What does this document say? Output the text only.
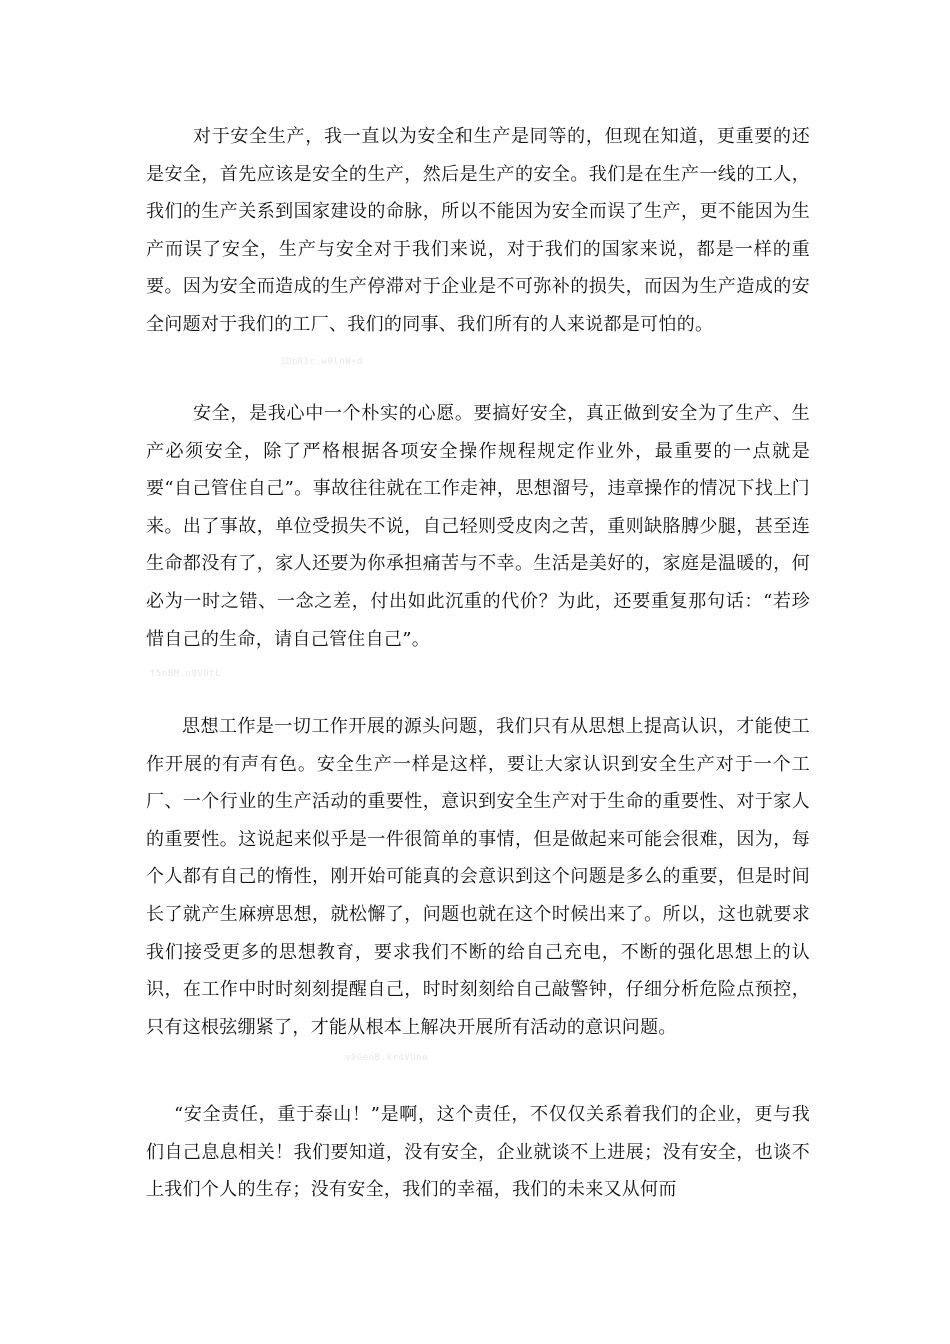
对于安全生产，我一直以为安全和生产是同等的，但现在知道，更重要的还是安全，首先应该是安全的生产，然后是生产的安全。我们是在生产一线的工人，我们的生产关系到国家建设的命脉，所以不能因为安全而误了生产，更不能因为生产而误了安全，生产与安全对于我们来说，对于我们的国家来说，都是一样的重要。因为安全而造成的生产停滞对于企业是不可弥补的损失，而因为生产造成的安全问题对于我们的工厂、我们的同事、我们所有的人来说都是可怕的。

3DbR1c.w0lnW+d

安全，是我心中一个朴实的心愿。要搞好安全，真正做到安全为了生产、生产必须安全，除了严格根据各项安全操作规程规定作业外，最重要的一点就是要“自己管住自己”。事故往往就在工作走神，思想溜号，违章操作的情况下找上门来。出了事故，单位受损失不说，自己轻则受皮肉之苦，重则缺胳膊少腿，甚至连生命都没有了，家人还要为你承担痛苦与不幸。生活是美好的，家庭是温暖的，何必为一时之错、一念之差，付出如此沉重的代价？为此，还要重复那句话：“若珍惜自己的生命，请自己管住自己”。

f5nBM.u9VDtL

思想工作是一切工作开展的源头问题，我们只有从思想上提高认识，才能使工作开展的有声有色。安全生产一样是这样，要让大家认识到安全生产对于一个工厂、一个行业的生产活动的重要性，意识到安全生产对于生命的重要性、对于家人的重要性。这说起来似乎是一件很简单的事情，但是做起来可能会很难，因为，每个人都有自己的惰性，刚开始可能真的会意识到这个问题是多么的重要，但是时间长了就产生麻痹思想，就松懈了，问题也就在这个时候出来了。所以，这也就要求我们接受更多的思想教育，要求我们不断的给自己充电，不断的强化思想上的认识，在工作中时时刻刻提醒自己，时时刻刻给自己敲警钟，仔细分析危险点预控，只有这根弦绷紧了，才能从根本上解决开展所有活动的意识问题。

v0GeoB.kr4VUne

“安全责任，重于泰山！”是啊，这个责任，不仅仅关系着我们的企业，更与我们自己息息相关！我们要知道，没有安全，企业就谈不上进展；没有安全，也谈不上我们个人的生存；没有安全，我们的幸福，我们的未来又从何而
